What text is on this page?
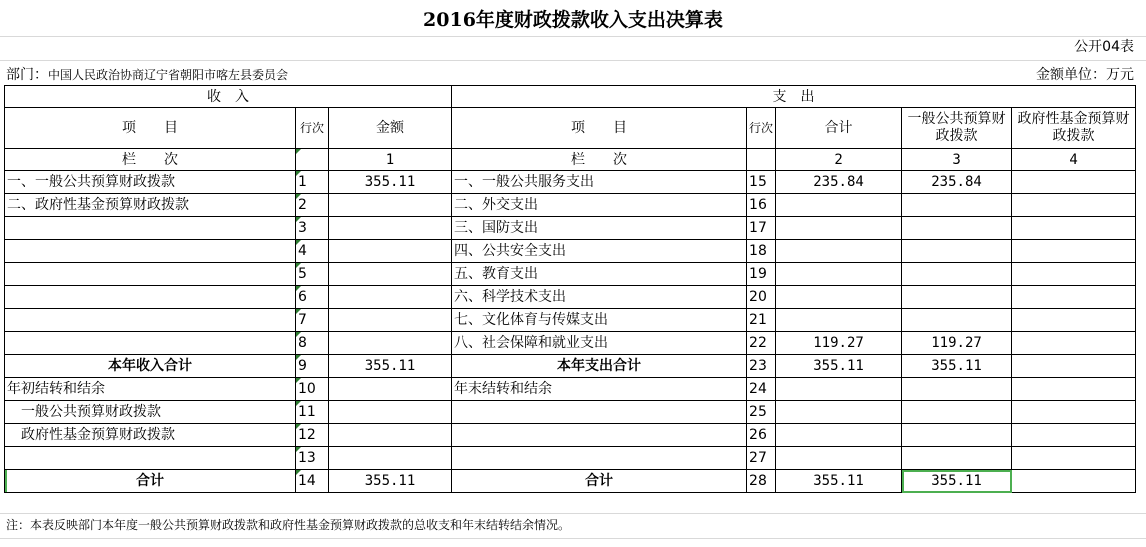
2016年度财政拨款收入支出决算表
公开04表
部门：中国人民政治协商辽宁省朝阳市喀左县委员会	金额单位：万元
收　入			支　出				
项　　目	行次	金额	项　　目	行次	合计	一般公共预算财政拨款	政府性基金预算财政拨款
栏　　次		1	栏　　次		2	3	4
一、一般公共预算财政拨款	1	355.11	一、一般公共服务支出	15	235.84	235.84	
二、政府性基金预算财政拨款	2		二、外交支出	16			
	3		三、国防支出	17			
	4		四、公共安全支出	18			
	5		五、教育支出	19			
	6		六、科学技术支出	20			
	7		七、文化体育与传媒支出	21			
	8		八、社会保障和就业支出	22	119.27	119.27	
本年收入合计	9	355.11	本年支出合计	23	355.11	355.11	
年初结转和结余	10		年末结转和结余	24			
　一般公共预算财政拨款	11			25			
　政府性基金预算财政拨款	12			26			
	13			27			
合计	14	355.11	合计	28	355.11	355.11	
注：本表反映部门本年度一般公共预算财政拨款和政府性基金预算财政拨款的总收支和年末结转结余情况。
